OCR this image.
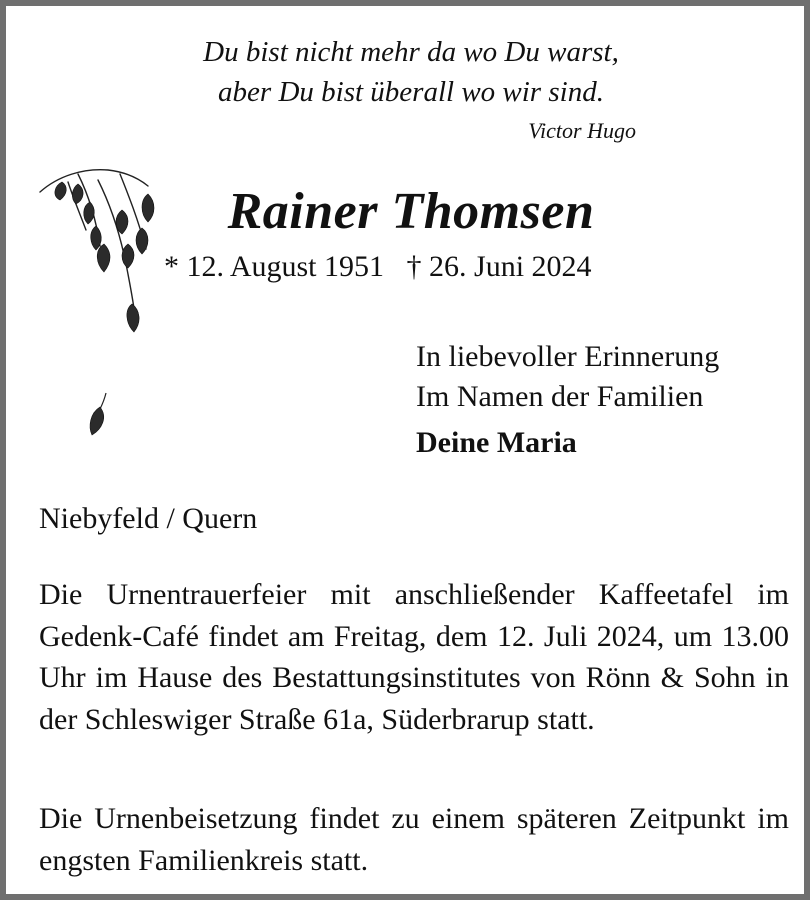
Du bist nicht mehr da wo Du warst,
aber Du bist überall wo wir sind.
Victor Hugo
Rainer Thomsen
* 12. August 1951   † 26. Juni 2024
In liebevoller Erinnerung
Im Namen der Familien
Deine Maria
Niebyfeld / Quern
Die Urnentrauerfeier mit anschließender Kaffeetafel im Gedenk-Café findet am Freitag, dem 12. Juli 2024, um 13.00 Uhr im Hause des Bestattungsinstitutes von Rönn & Sohn in der Schleswiger Straße 61a, Süderbrarup statt.
Die Urnenbeisetzung findet zu einem späteren Zeitpunkt im engsten Familienkreis statt.
